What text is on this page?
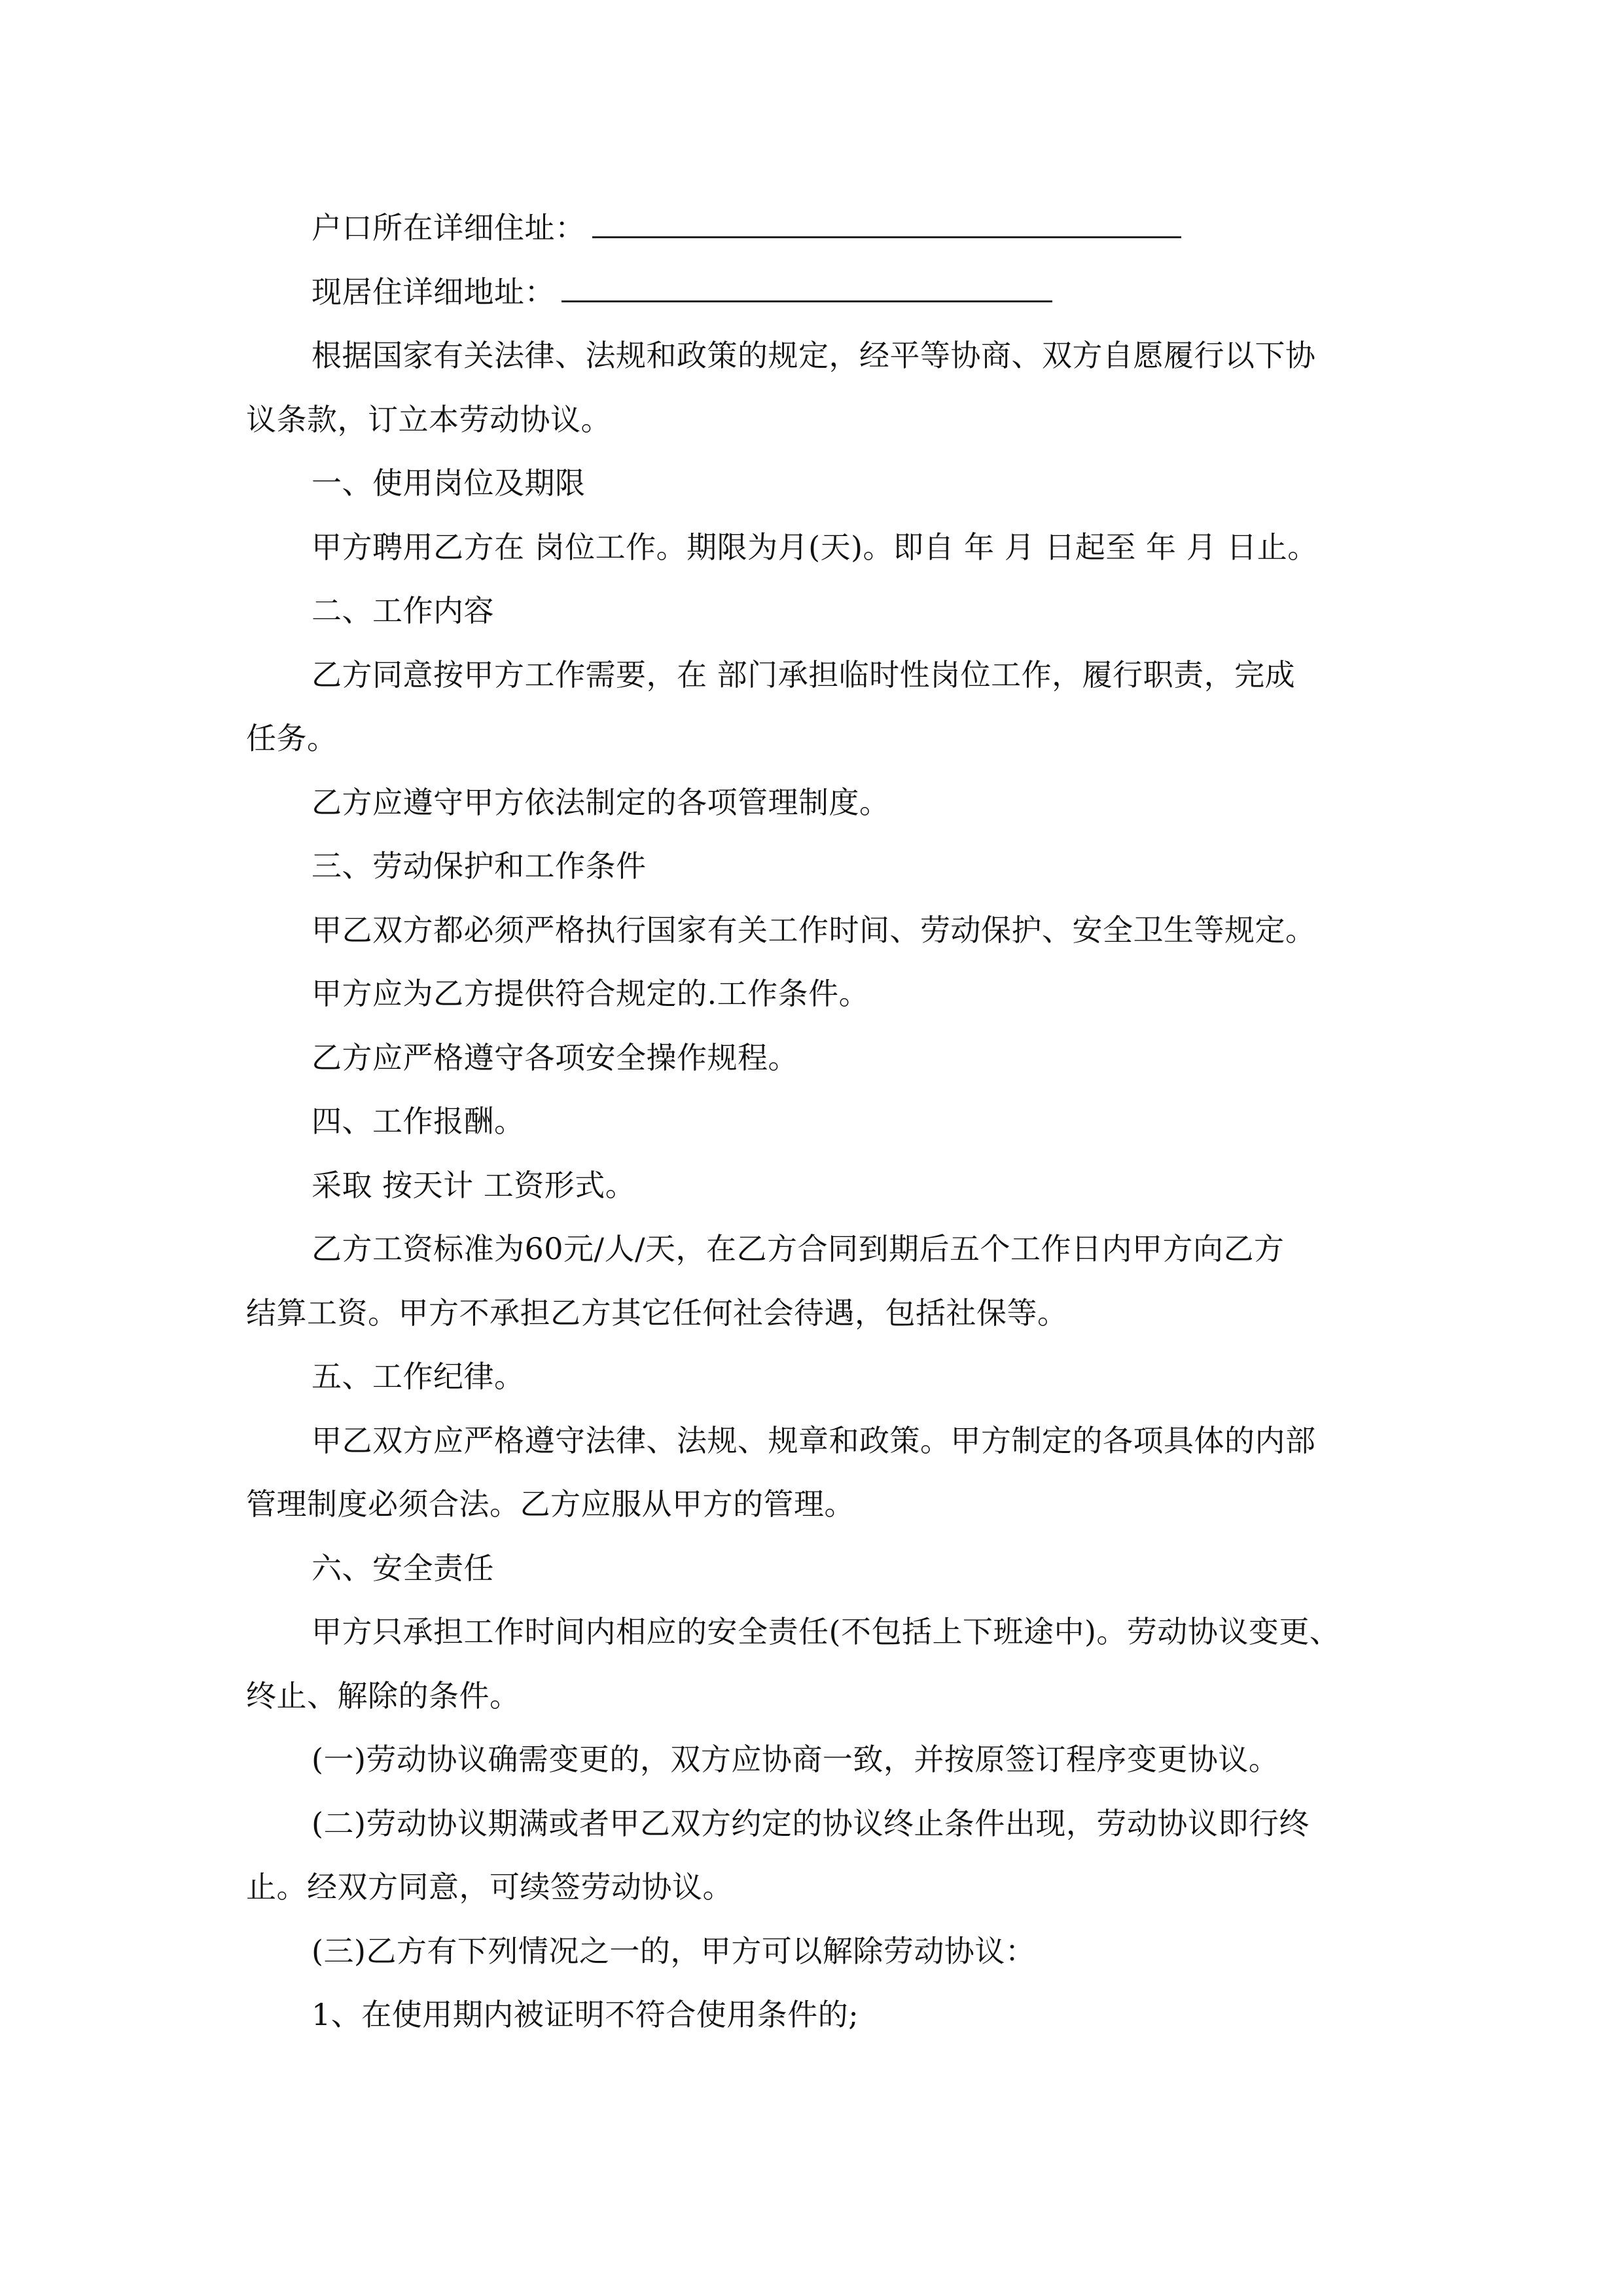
户口所在详细住址：
现居住详细地址：
根据国家有关法律、法规和政策的规定，经平等协商、双方自愿履行以下协
议条款，订立本劳动协议。
一、使用岗位及期限
甲方聘用乙方在 岗位工作。期限为月(天)。即自 年 月 日起至 年 月 日止。
二、工作内容
乙方同意按甲方工作需要，在 部门承担临时性岗位工作，履行职责，完成
任务。
乙方应遵守甲方依法制定的各项管理制度。
三、劳动保护和工作条件
甲乙双方都必须严格执行国家有关工作时间、劳动保护、安全卫生等规定。
甲方应为乙方提供符合规定的.工作条件。
乙方应严格遵守各项安全操作规程。
四、工作报酬。
采取 按天计 工资形式。
乙方工资标准为60元/人/天，在乙方合同到期后五个工作日内甲方向乙方
结算工资。甲方不承担乙方其它任何社会待遇，包括社保等。
五、工作纪律。
甲乙双方应严格遵守法律、法规、规章和政策。甲方制定的各项具体的内部
管理制度必须合法。乙方应服从甲方的管理。
六、安全责任
甲方只承担工作时间内相应的安全责任(不包括上下班途中)。劳动协议变更、
终止、解除的条件。
(一)劳动协议确需变更的，双方应协商一致，并按原签订程序变更协议。
(二)劳动协议期满或者甲乙双方约定的协议终止条件出现，劳动协议即行终
止。经双方同意，可续签劳动协议。
(三)乙方有下列情况之一的，甲方可以解除劳动协议：
1、在使用期内被证明不符合使用条件的;
